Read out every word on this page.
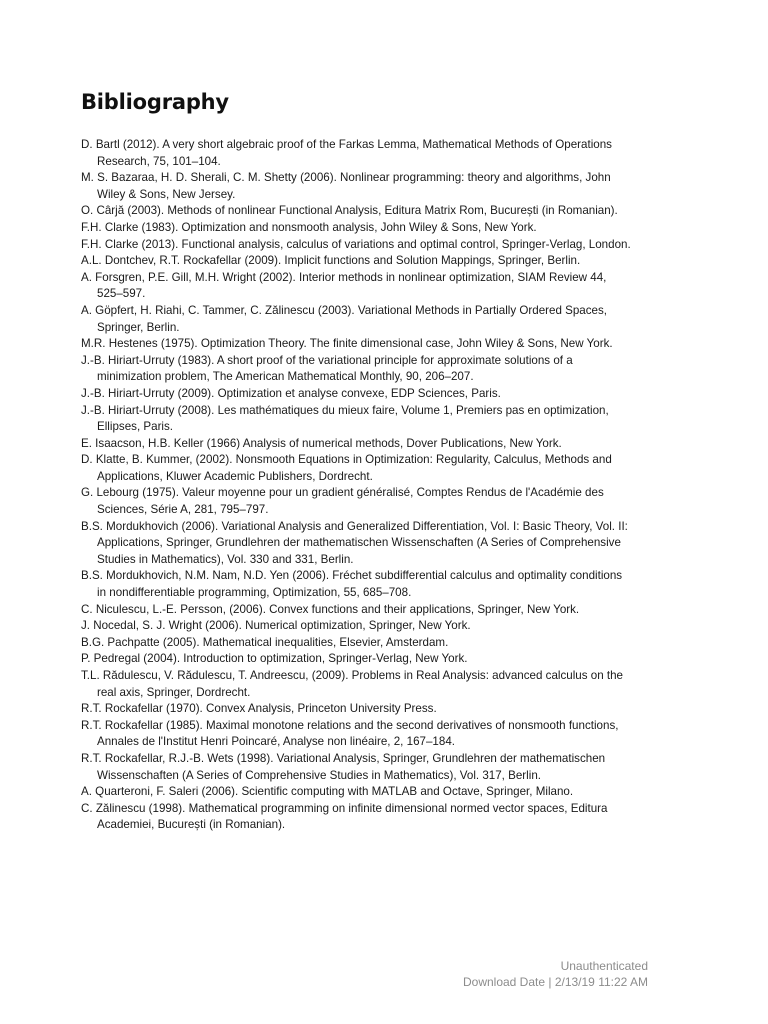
Bibliography
D. Bartl (2012). A very short algebraic proof of the Farkas Lemma, Mathematical Methods of Operations Research, 75, 101–104.
M. S. Bazaraa, H. D. Sherali, C. M. Shetty (2006). Nonlinear programming: theory and algorithms, John Wiley & Sons, New Jersey.
O. Cârjă (2003). Methods of nonlinear Functional Analysis, Editura Matrix Rom, București (in Romanian).
F.H. Clarke (1983). Optimization and nonsmooth analysis, John Wiley & Sons, New York.
F.H. Clarke (2013). Functional analysis, calculus of variations and optimal control, Springer-Verlag, London.
A.L. Dontchev, R.T. Rockafellar (2009). Implicit functions and Solution Mappings, Springer, Berlin.
A. Forsgren, P.E. Gill, M.H. Wright (2002). Interior methods in nonlinear optimization, SIAM Review 44, 525–597.
A. Göpfert, H. Riahi, C. Tammer, C. Zălinescu (2003). Variational Methods in Partially Ordered Spaces, Springer, Berlin.
M.R. Hestenes (1975). Optimization Theory. The finite dimensional case, John Wiley & Sons, New York.
J.-B. Hiriart-Urruty (1983). A short proof of the variational principle for approximate solutions of a minimization problem, The American Mathematical Monthly, 90, 206–207.
J.-B. Hiriart-Urruty (2009). Optimization et analyse convexe, EDP Sciences, Paris.
J.-B. Hiriart-Urruty (2008). Les mathématiques du mieux faire, Volume 1, Premiers pas en optimization, Ellipses, Paris.
E. Isaacson, H.B. Keller (1966) Analysis of numerical methods, Dover Publications, New York.
D. Klatte, B. Kummer, (2002). Nonsmooth Equations in Optimization: Regularity, Calculus, Methods and Applications, Kluwer Academic Publishers, Dordrecht.
G. Lebourg (1975). Valeur moyenne pour un gradient généralisé, Comptes Rendus de l'Académie des Sciences, Série A, 281, 795–797.
B.S. Mordukhovich (2006). Variational Analysis and Generalized Differentiation, Vol. I: Basic Theory, Vol. II: Applications, Springer, Grundlehren der mathematischen Wissenschaften (A Series of Comprehensive Studies in Mathematics), Vol. 330 and 331, Berlin.
B.S. Mordukhovich, N.M. Nam, N.D. Yen (2006). Fréchet subdifferential calculus and optimality conditions in nondifferentiable programming, Optimization, 55, 685–708.
C. Niculescu, L.-E. Persson, (2006). Convex functions and their applications, Springer, New York.
J. Nocedal, S. J. Wright (2006). Numerical optimization, Springer, New York.
B.G. Pachpatte (2005). Mathematical inequalities, Elsevier, Amsterdam.
P. Pedregal (2004). Introduction to optimization, Springer-Verlag, New York.
T.L. Rădulescu, V. Rădulescu, T. Andreescu, (2009). Problems in Real Analysis: advanced calculus on the real axis, Springer, Dordrecht.
R.T. Rockafellar (1970). Convex Analysis, Princeton University Press.
R.T. Rockafellar (1985). Maximal monotone relations and the second derivatives of nonsmooth functions, Annales de l'Institut Henri Poincaré, Analyse non linéaire, 2, 167–184.
R.T. Rockafellar, R.J.-B. Wets (1998). Variational Analysis, Springer, Grundlehren der mathematischen Wissenschaften (A Series of Comprehensive Studies in Mathematics), Vol. 317, Berlin.
A. Quarteroni, F. Saleri (2006). Scientific computing with MATLAB and Octave, Springer, Milano.
C. Zălinescu (1998). Mathematical programming on infinite dimensional normed vector spaces, Editura Academiei, București (in Romanian).
Unauthenticated
Download Date | 2/13/19 11:22 AM
